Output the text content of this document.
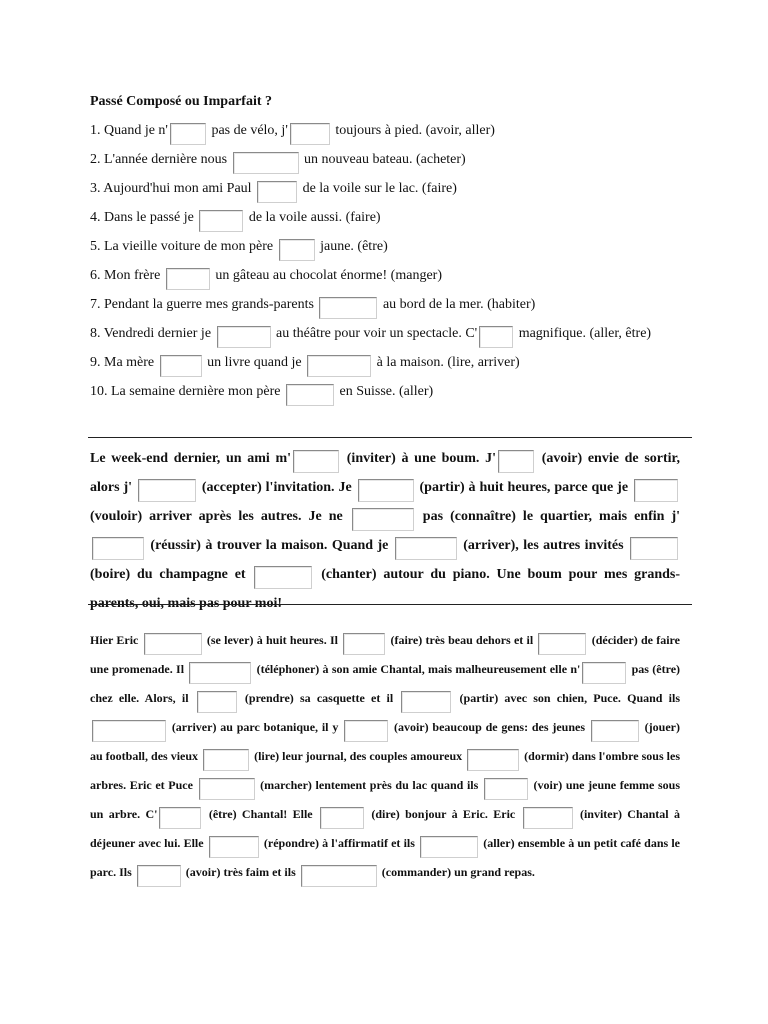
Passé Composé ou Imparfait ?
1. Quand je n'	pas de vélo, j'	toujours à pied. (avoir, aller)
2. L'année dernière nous	un nouveau bateau. (acheter)
3. Aujourd'hui mon ami Paul	de la voile sur le lac. (faire)
4. Dans le passé je	de la voile aussi. (faire)
5. La vieille voiture de mon père	jaune. (être)
6. Mon frère	un gâteau au chocolat énorme! (manger)
7. Pendant la guerre mes grands-parents	au bord de la mer. (habiter)
8. Vendredi dernier je	au théâtre pour voir un spectacle. C'	magnifique. (aller, être)
9. Ma mère	un livre quand je	à la maison. (lire, arriver)
10. La semaine dernière mon père	en Suisse. (aller)

Le week-end dernier, un ami m'	(inviter) à une boum. J'	(avoir) envie de sortir, alors j'	(accepter) l'invitation. Je	(partir) à huit heures, parce que je  (vouloir) arriver après les autres. Je ne	pas (connaître) le quartier, mais enfin j'  (réussir) à trouver la maison. Quand je	(arriver), les autres invités  (boire) du champagne et	(chanter) autour du piano. Une boum pour mes grands-parents, oui, mais pas pour moi!

Hier Eric	(se lever) à huit heures. Il	(faire) très beau dehors et il	(décider) de faire une promenade. Il	(téléphoner) à son amie Chantal, mais malheureusement elle n'	pas (être) chez elle. Alors, il	(prendre) sa casquette et il	(partir) avec son chien, Puce. Quand ils  (arriver) au parc botanique, il y	(avoir) beaucoup de gens: des jeunes	(jouer) au football, des vieux	(lire) leur journal, des couples amoureux	(dormir) dans l'ombre sous les arbres. Eric et Puce	(marcher) lentement près du lac quand ils	(voir) une jeune femme sous un arbre. C'	(être) Chantal! Elle	(dire) bonjour à Eric. Eric	(inviter) Chantal à déjeuner avec lui. Elle	(répondre) à l'affirmatif et ils	(aller) ensemble à un petit café dans le parc. Ils	(avoir) très faim et ils	(commander) un grand repas.
